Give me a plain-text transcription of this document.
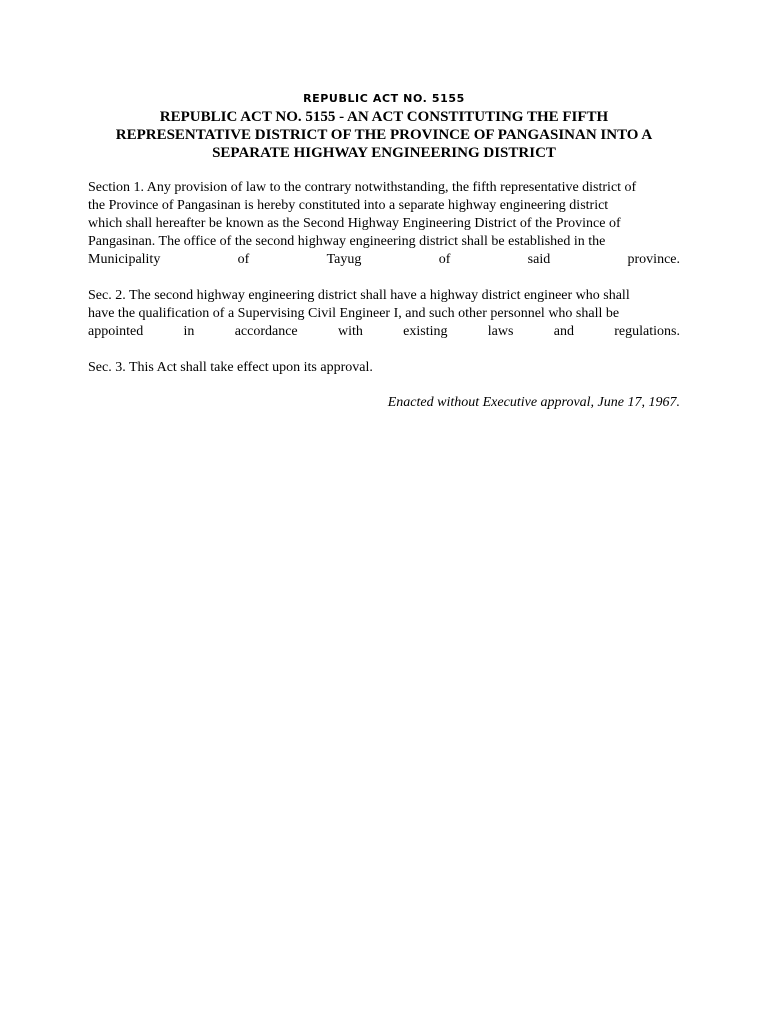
REPUBLIC ACT NO. 5155
REPUBLIC ACT NO. 5155 - AN ACT CONSTITUTING THE FIFTH
REPRESENTATIVE DISTRICT OF THE PROVINCE OF PANGASINAN INTO A
SEPARATE HIGHWAY ENGINEERING DISTRICT
Section 1. Any provision of law to the contrary notwithstanding, the fifth representative district of
the Province of Pangasinan is hereby constituted into a separate highway engineering district
which shall hereafter be known as the Second Highway Engineering District of the Province of
Pangasinan. The office of the second highway engineering district shall be established in the
Municipality	of	Tayug	of	said	province.
Sec. 2. The second highway engineering district shall have a highway district engineer who shall
have the qualification of a Supervising Civil Engineer I, and such other personnel who shall be
appointed	in	accordance	with	existing	laws	and	regulations.
Sec. 3. This Act shall take effect upon its approval.
Enacted without Executive approval, June 17, 1967.
